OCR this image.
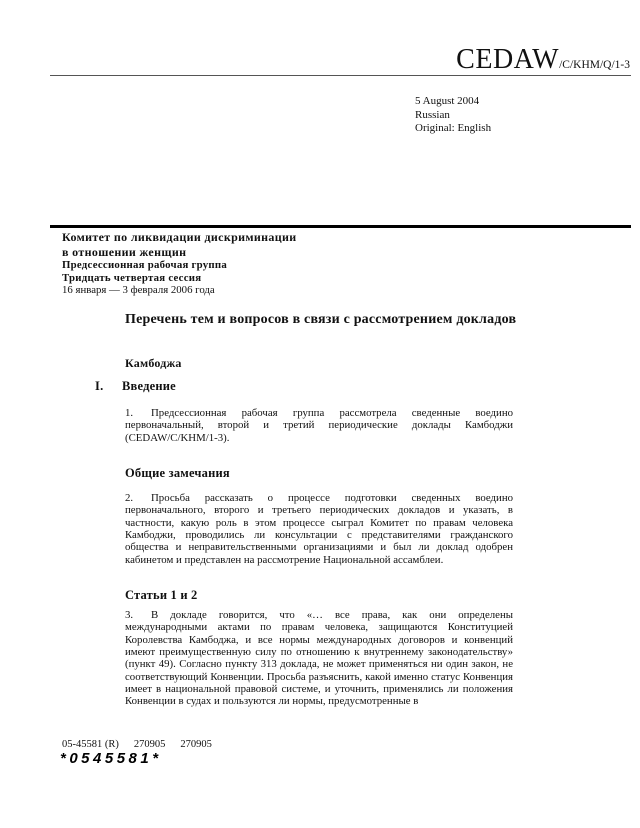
CEDAW /C/KHM/Q/1-3
5 August 2004
Russian
Original: English
Комитет по ликвидации дискриминации
в отношении женщин
Предсессионная рабочая группа
Тридцать четвертая сессия
16 января — 3 февраля 2006 года
Перечень тем и вопросов в связи с рассмотрением докладов
Камбоджа
I. Введение
1. Предсессионная рабочая группа рассмотрела сведенные воедино первоначальный, второй и третий периодические доклады Камбоджи (CEDAW/C/KHM/1-3).
Общие замечания
2. Просьба рассказать о процессе подготовки сведенных воедино первоначального, второго и третьего периодических докладов и указать, в частности, какую роль в этом процессе сыграл Комитет по правам человека Камбоджи, проводились ли консультации с представителями гражданского общества и неправительственными организациями и был ли доклад одобрен кабинетом и представлен на рассмотрение Национальной ассамблеи.
Статьи 1 и 2
3. В докладе говорится, что «… все права, как они определены международными актами по правам человека, защищаются Конституцией Королевства Камбоджа, и все нормы международных договоров и конвенций имеют преимущественную силу по отношению к внутреннему законодательству» (пункт 49). Согласно пункту 313 доклада, не может применяться ни один закон, не соответствующий Конвенции. Просьба разъяснить, какой именно статус Конвенция имеет в национальной правовой системе, и уточнить, применялись ли положения Конвенции в судах и пользуются ли нормы, предусмотренные в
05-45581 (R) 270905 270905
*0545581*
